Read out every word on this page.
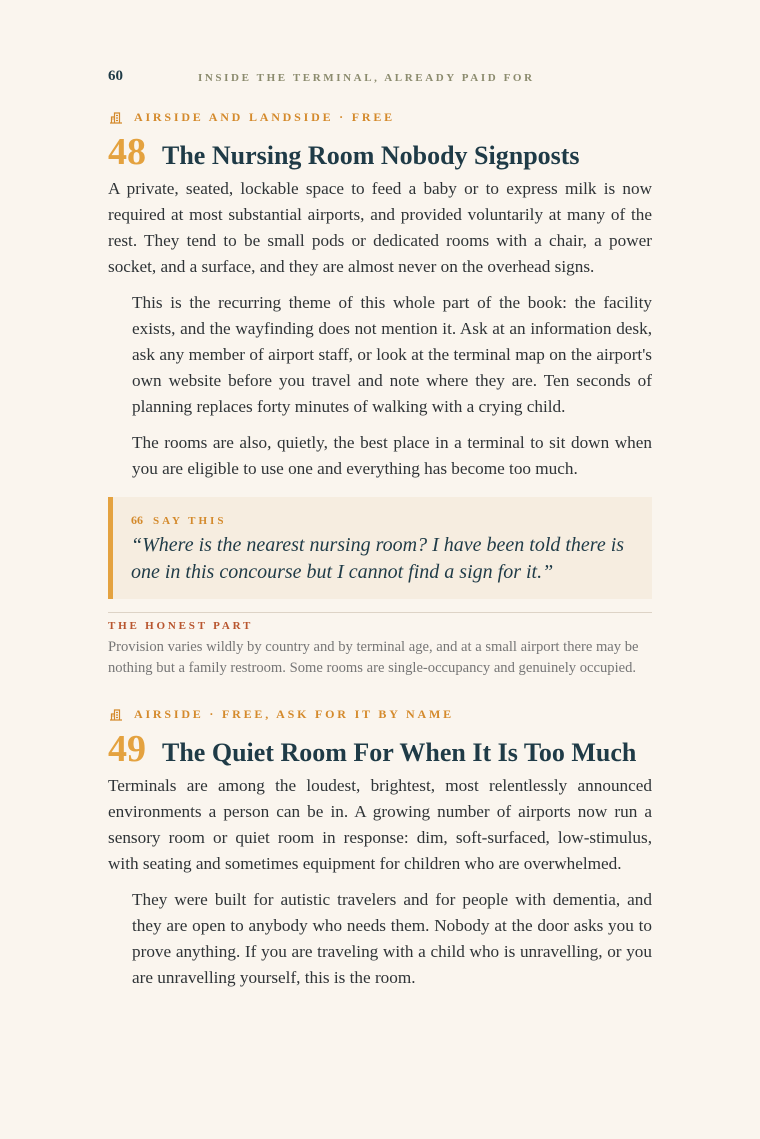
60	INSIDE THE TERMINAL, ALREADY PAID FOR
AIRSIDE AND LANDSIDE · FREE
48 The Nursing Room Nobody Signposts

A private, seated, lockable space to feed a baby or to express milk is now required at most substantial airports, and provided voluntarily at many of the rest. They tend to be small pods or dedicated rooms with a chair, a power socket, and a surface, and they are almost never on the overhead signs.

This is the recurring theme of this whole part of the book: the facility exists, and the wayfinding does not mention it. Ask at an information desk, ask any member of airport staff, or look at the terminal map on the airport's own website before you travel and note where they are. Ten seconds of planning replaces forty minutes of walking with a crying child.

The rooms are also, quietly, the best place in a terminal to sit down when you are eligible to use one and everything has become too much.

66 SAY THIS
“Where is the nearest nursing room? I have been told there is one in this concourse but I cannot find a sign for it.”
THE HONEST PART
Provision varies wildly by country and by terminal age, and at a small airport there may be nothing but a family restroom. Some rooms are single-occupancy and genuinely occupied.
AIRSIDE · FREE, ASK FOR IT BY NAME
49 The Quiet Room For When It Is Too Much

Terminals are among the loudest, brightest, most relentlessly announced environments a person can be in. A growing number of airports now run a sensory room or quiet room in response: dim, soft-surfaced, low-stimulus, with seating and sometimes equipment for children who are overwhelmed.

They were built for autistic travelers and for people with dementia, and they are open to anybody who needs them. Nobody at the door asks you to prove anything. If you are traveling with a child who is unravelling, or you are unravelling yourself, this is the room.
